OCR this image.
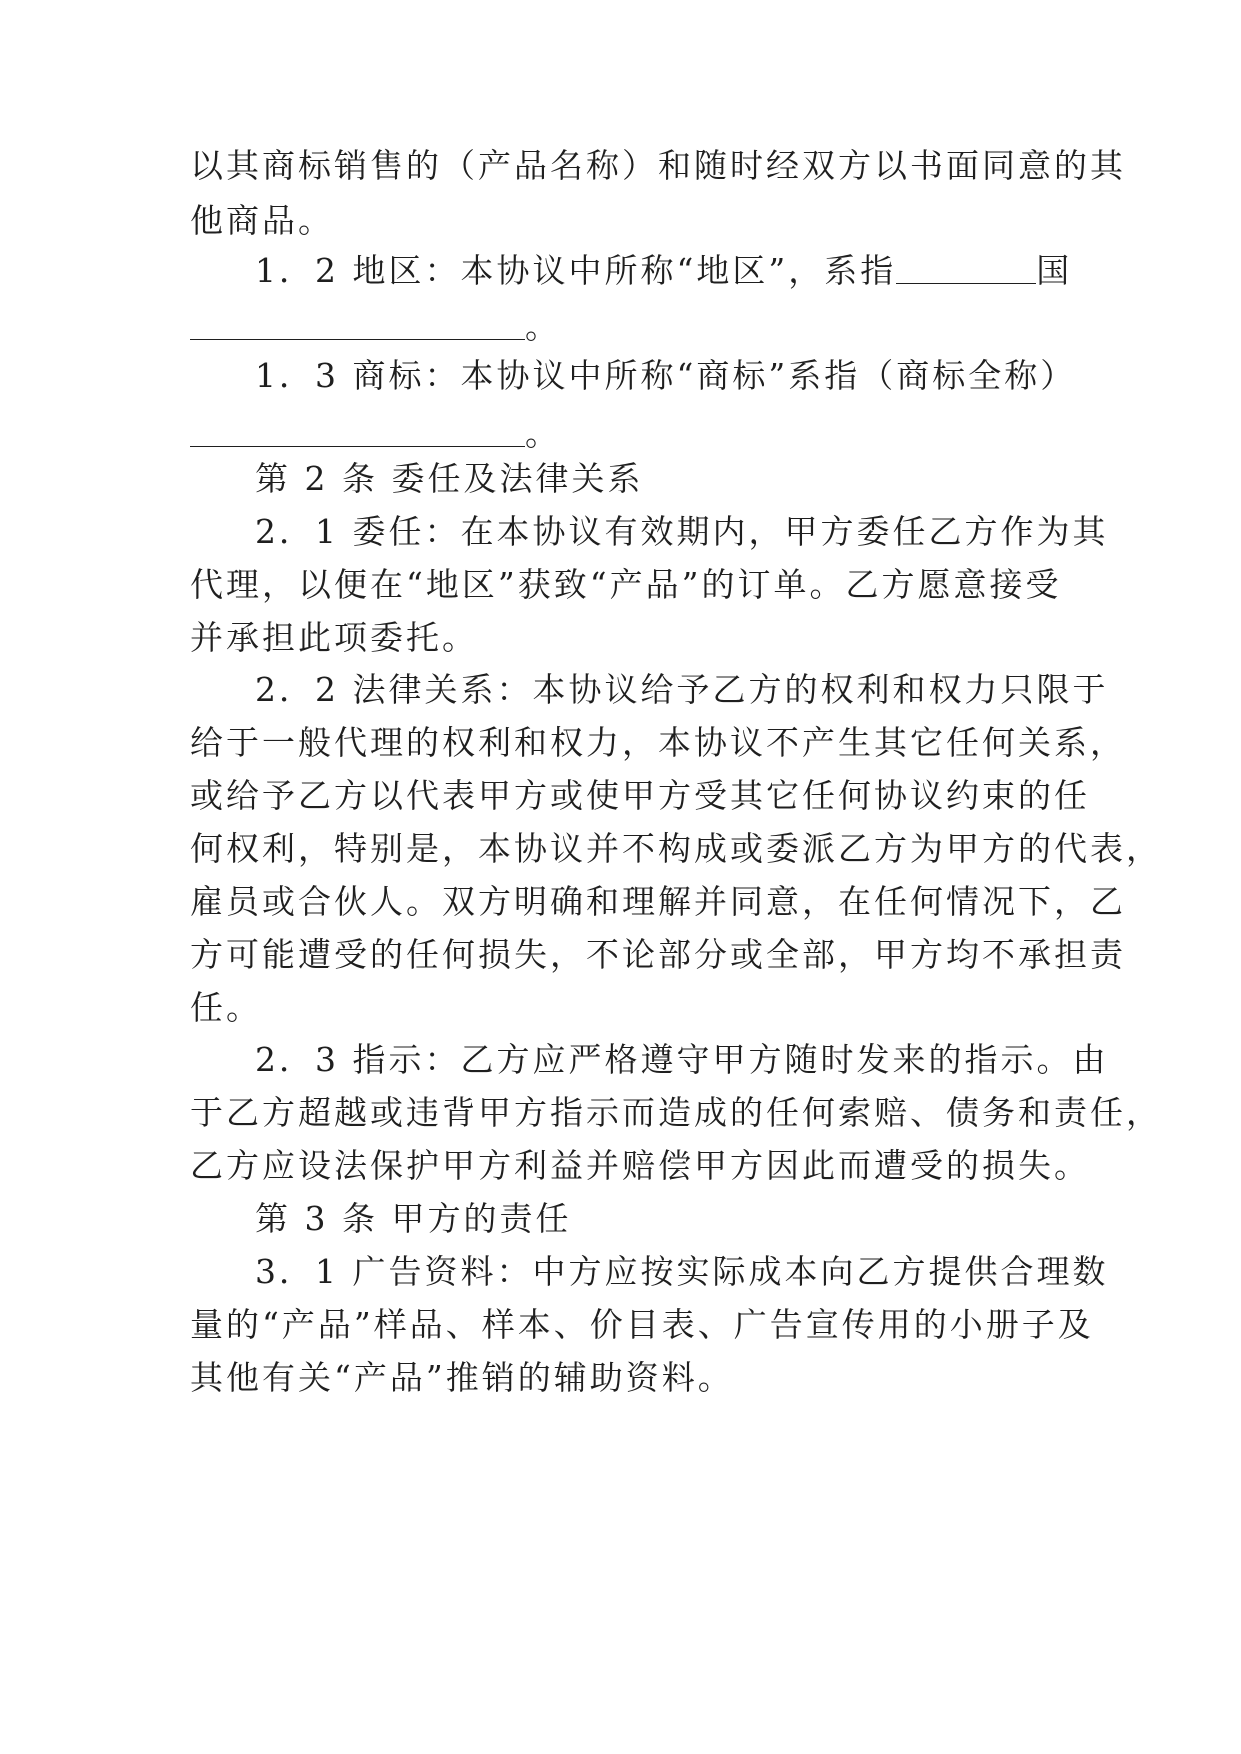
以其商标销售的（产品名称）和随时经双方以书面同意的其
他商品。
1．2 地区：本协议中所称“地区”，系指	国
。
1．3 商标：本协议中所称“商标”系指（商标全称）
。
第 2 条 委任及法律关系
2．1 委任：在本协议有效期内，甲方委任乙方作为其
代理，以便在“地区”获致“产品”的订单。乙方愿意接受
并承担此项委托。
2．2 法律关系：本协议给予乙方的权利和权力只限于
给于一般代理的权利和权力，本协议不产生其它任何关系，
或给予乙方以代表甲方或使甲方受其它任何协议约束的任
何权利，特别是，本协议并不构成或委派乙方为甲方的代表，
雇员或合伙人。双方明确和理解并同意，在任何情况下，乙
方可能遭受的任何损失，不论部分或全部，甲方均不承担责
任。
2．3 指示：乙方应严格遵守甲方随时发来的指示。由
于乙方超越或违背甲方指示而造成的任何索赔、债务和责任，
乙方应设法保护甲方利益并赔偿甲方因此而遭受的损失。
第 3 条 甲方的责任
3．1 广告资料：中方应按实际成本向乙方提供合理数
量的“产品”样品、样本、价目表、广告宣传用的小册子及
其他有关“产品”推销的辅助资料。
